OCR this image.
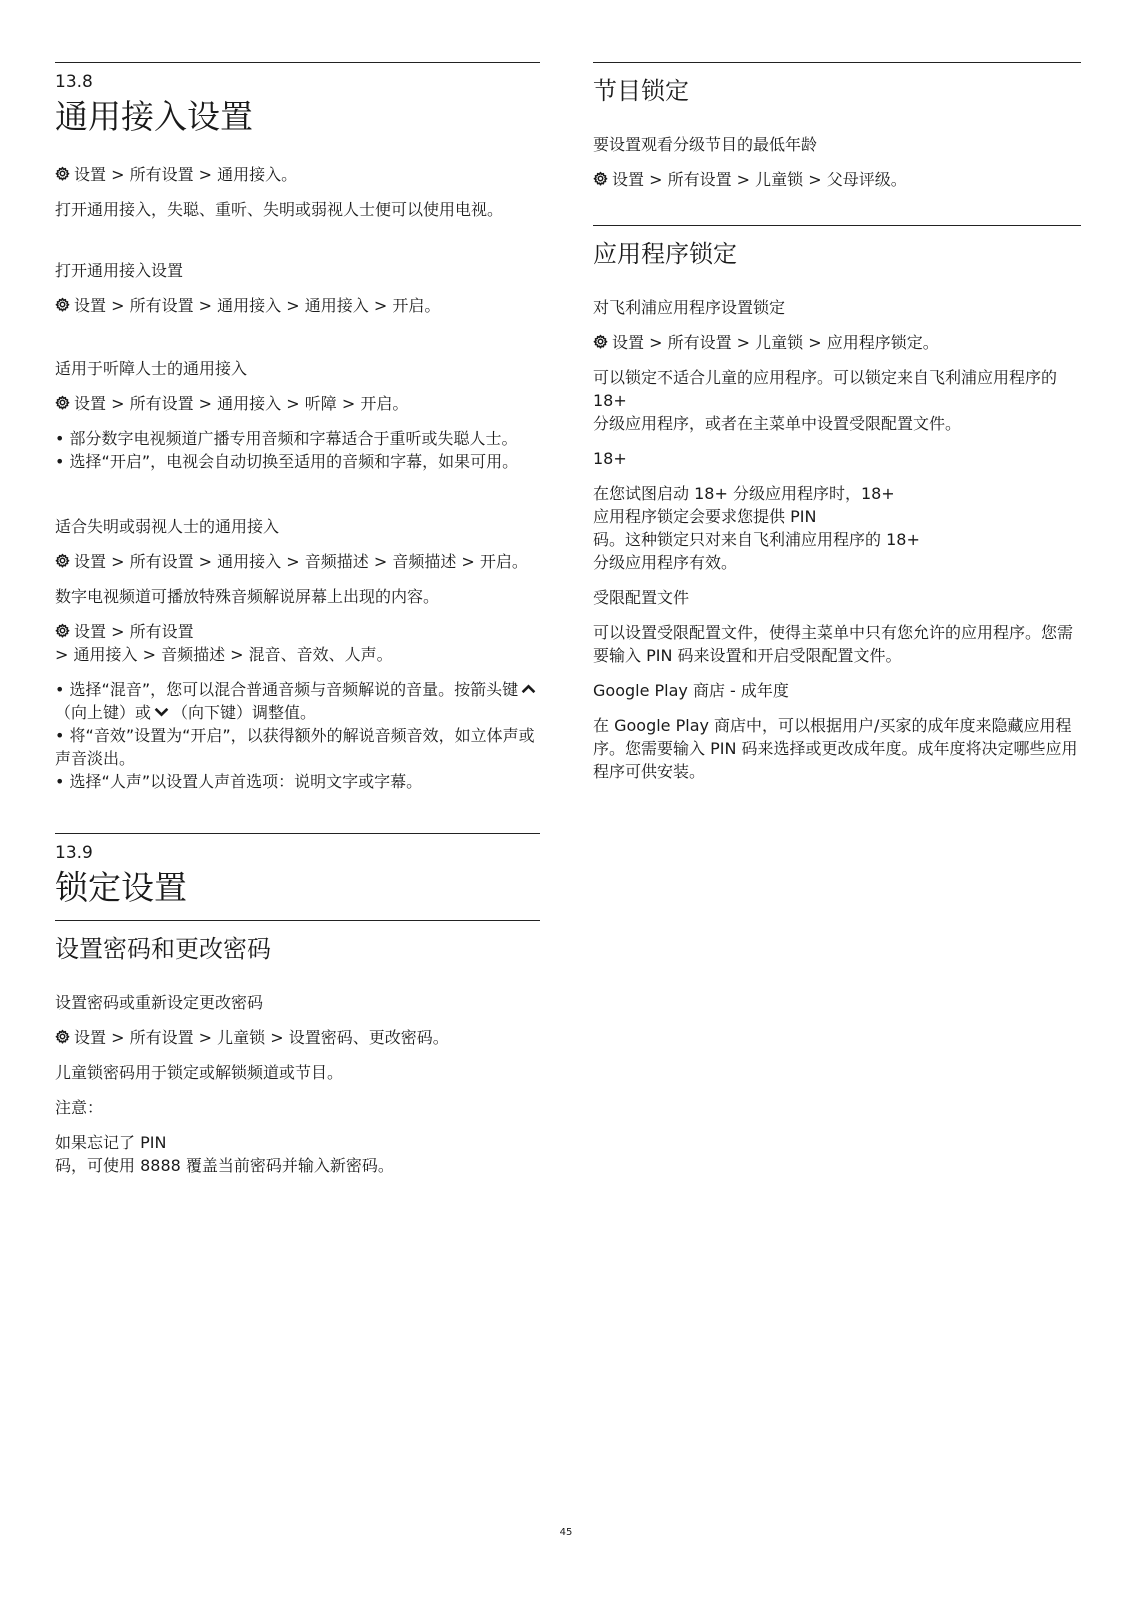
13.8
通用接入设置

设置 > 所有设置 > 通用接入。

打开通用接入，失聪、重听、失明或弱视人士便可以使用电视。

打开通用接入设置

设置 > 所有设置 > 通用接入 > 通用接入 > 开启。

适用于听障人士的通用接入

设置 > 所有设置 > 通用接入 > 听障 > 开启。

• 部分数字电视频道广播专用音频和字幕适合于重听或失聪人士。

• 选择“开启”，电视会自动切换至适用的音频和字幕，如果可用。

适合失明或弱视人士的通用接入

设置 > 所有设置 > 通用接入 > 音频描述 > 音频描述 > 开启。

数字电视频道可播放特殊音频解说屏幕上出现的内容。

设置 > 所有设置
> 通用接入 > 音频描述 > 混音、音效、人声。

• 选择“混音”，您可以混合普通音频与音频解说的音量。按箭头键（向上键）或 （向下键）调整值。

• 将“音效”设置为“开启”，以获得额外的解说音频音效，如立体声或声音淡出。

• 选择“人声”以设置人声首选项：说明文字或字幕。

13.9
锁定设置
设置密码和更改密码

设置密码或重新设定更改密码

设置 > 所有设置 > 儿童锁 > 设置密码、更改密码。

儿童锁密码用于锁定或解锁频道或节目。

注意：

如果忘记了 PIN
码，可使用 8888 覆盖当前密码并输入新密码。

节目锁定

要设置观看分级节目的最低年龄

设置 > 所有设置 > 儿童锁 > 父母评级。

应用程序锁定

对飞利浦应用程序设置锁定

设置 > 所有设置 > 儿童锁 > 应用程序锁定。

可以锁定不适合儿童的应用程序。可以锁定来自飞利浦应用程序的 18+
分级应用程序，或者在主菜单中设置受限配置文件。

18+

在您试图启动 18+ 分级应用程序时，18+
应用程序锁定会要求您提供 PIN
码。这种锁定只对来自飞利浦应用程序的 18+
分级应用程序有效。

受限配置文件

可以设置受限配置文件，使得主菜单中只有您允许的应用程序。您需要输入 PIN 码来设置和开启受限配置文件。

Google Play 商店 - 成年度

在 Google Play 商店中，可以根据用户/买家的成年度来隐藏应用程序。您需要输入 PIN 码来选择或更改成年度。成年度将决定哪些应用程序可供安装。

45
